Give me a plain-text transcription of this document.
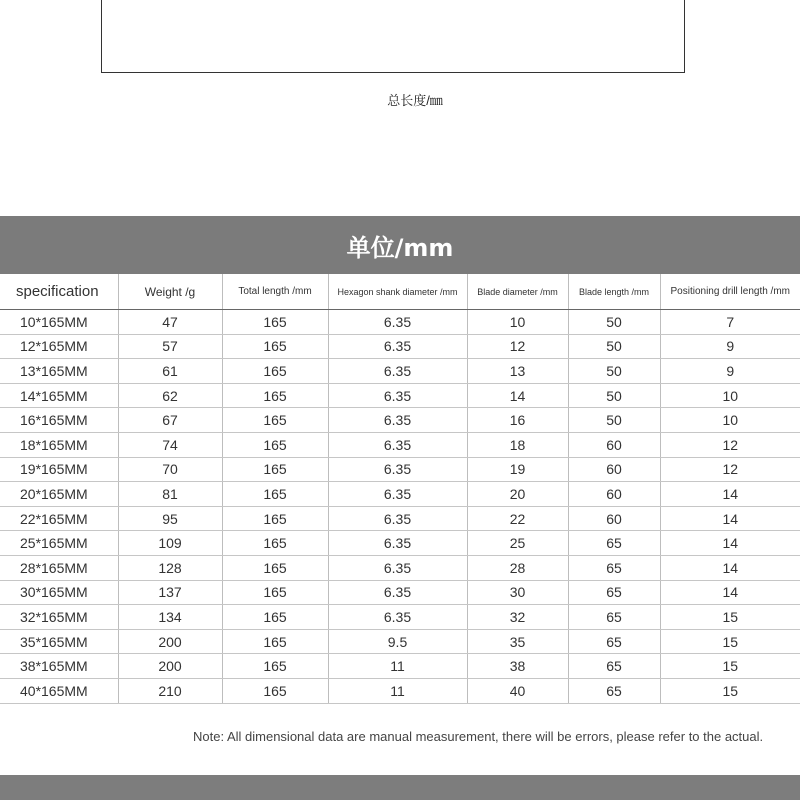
总长度/㎜
单位/mm
specification	Weight /g	Total length /mm	Hexagon shank diameter /mm	Blade diameter /mm	Blade length /mm	Positioning drill length /mm
10*165MM	47	165	6.35	10	50	7
12*165MM	57	165	6.35	12	50	9
13*165MM	61	165	6.35	13	50	9
14*165MM	62	165	6.35	14	50	10
16*165MM	67	165	6.35	16	50	10
18*165MM	74	165	6.35	18	60	12
19*165MM	70	165	6.35	19	60	12
20*165MM	81	165	6.35	20	60	14
22*165MM	95	165	6.35	22	60	14
25*165MM	109	165	6.35	25	65	14
28*165MM	128	165	6.35	28	65	14
30*165MM	137	165	6.35	30	65	14
32*165MM	134	165	6.35	32	65	15
35*165MM	200	165	9.5	35	65	15
38*165MM	200	165	11	38	65	15
40*165MM	210	165	11	40	65	15
Note: All dimensional data are manual measurement, there will be errors, please refer to the actual.
